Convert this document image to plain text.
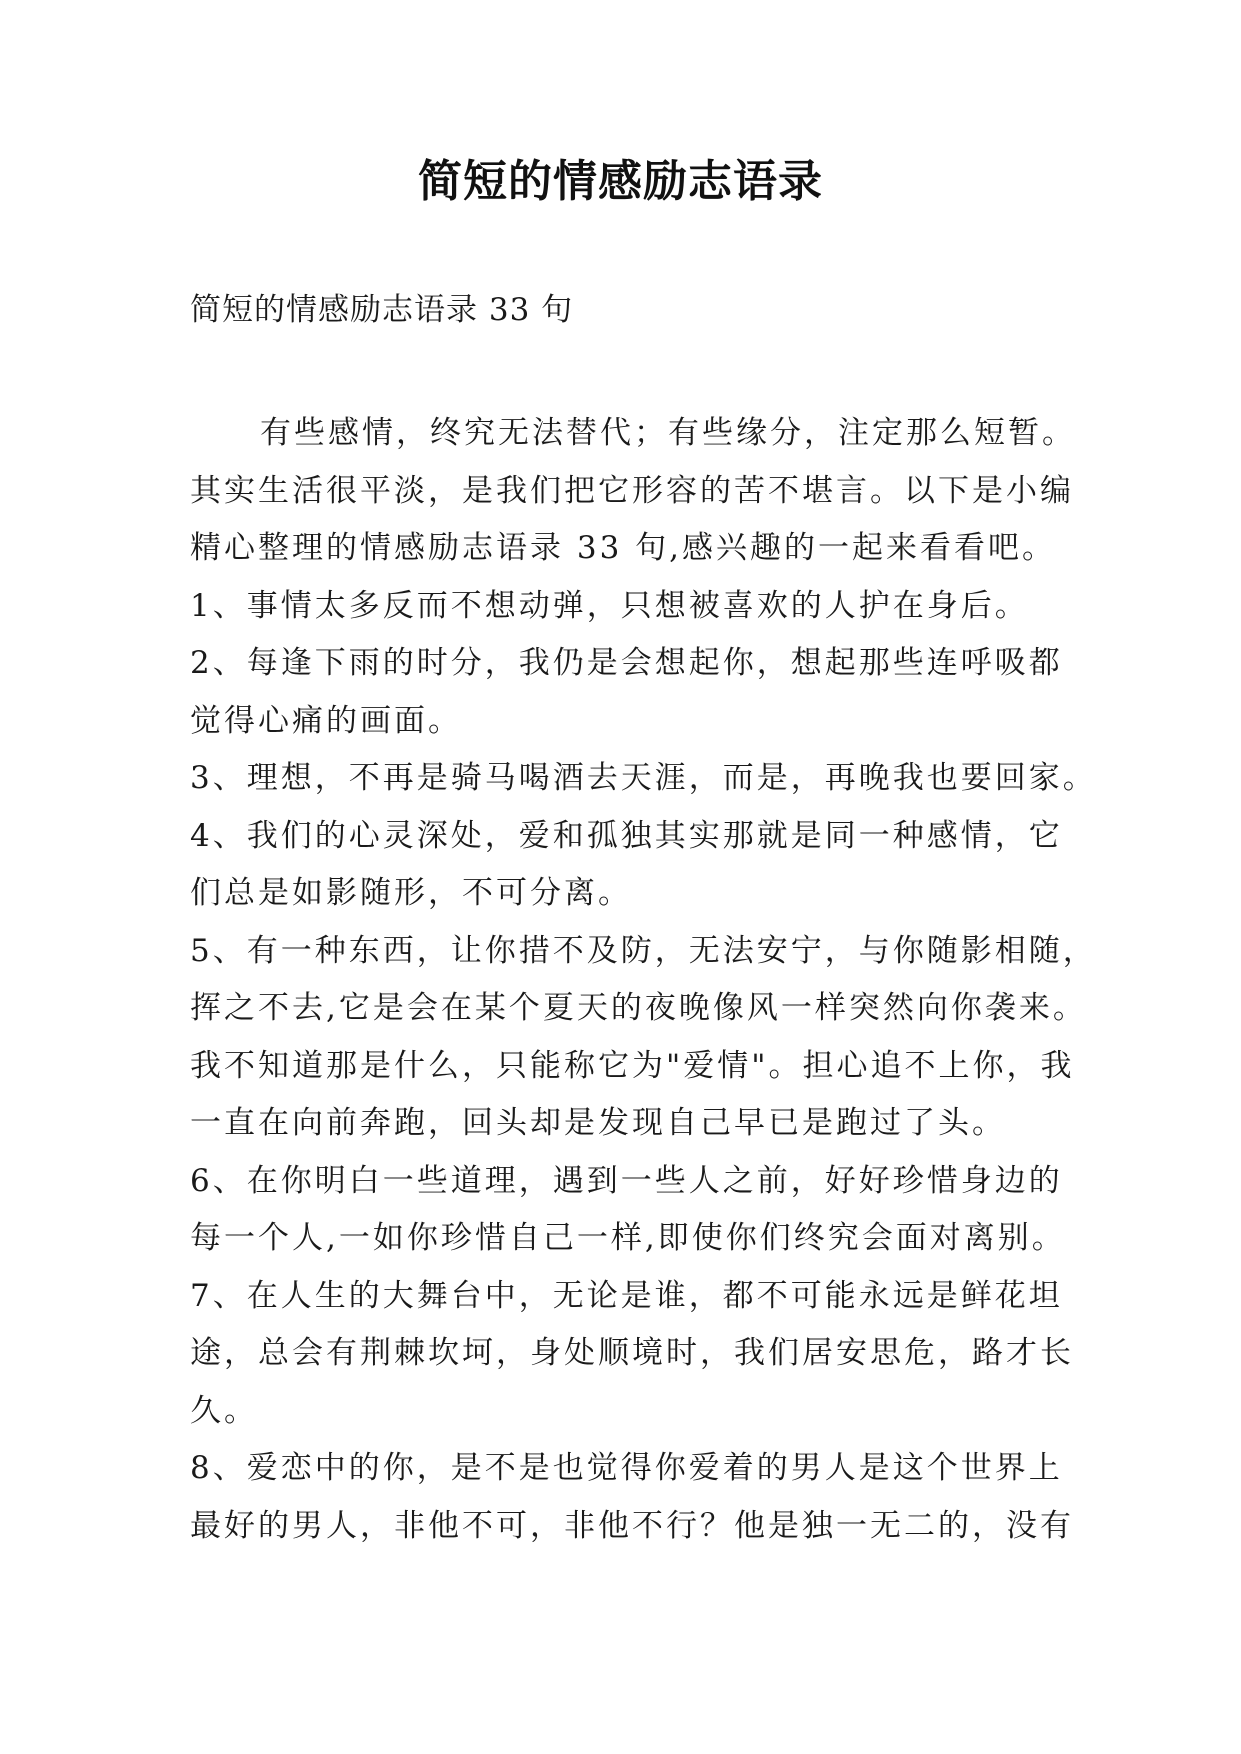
简短的情感励志语录

简短的情感励志语录 33 句

有些感情，终究无法替代；有些缘分，注定那么短暂。

其实生活很平淡，是我们把它形容的苦不堪言。以下是小编

精心整理的情感励志语录 33 句,感兴趣的一起来看看吧。

1、事情太多反而不想动弹，只想被喜欢的人护在身后。

2、每逢下雨的时分，我仍是会想起你，想起那些连呼吸都

觉得心痛的画面。

3、理想，不再是骑马喝酒去天涯，而是，再晚我也要回家。

4、我们的心灵深处，爱和孤独其实那就是同一种感情，它

们总是如影随形，不可分离。

5、有一种东西，让你措不及防，无法安宁，与你随影相随，

挥之不去,它是会在某个夏天的夜晚像风一样突然向你袭来。

我不知道那是什么，只能称它为"爱情"。担心追不上你，我

一直在向前奔跑，回头却是发现自己早已是跑过了头。

6、在你明白一些道理，遇到一些人之前，好好珍惜身边的

每一个人,一如你珍惜自己一样,即使你们终究会面对离别。

7、在人生的大舞台中，无论是谁，都不可能永远是鲜花坦

途，总会有荆棘坎坷，身处顺境时，我们居安思危，路才长

久。

8、爱恋中的你，是不是也觉得你爱着的男人是这个世界上

最好的男人，非他不可，非他不行？他是独一无二的，没有
